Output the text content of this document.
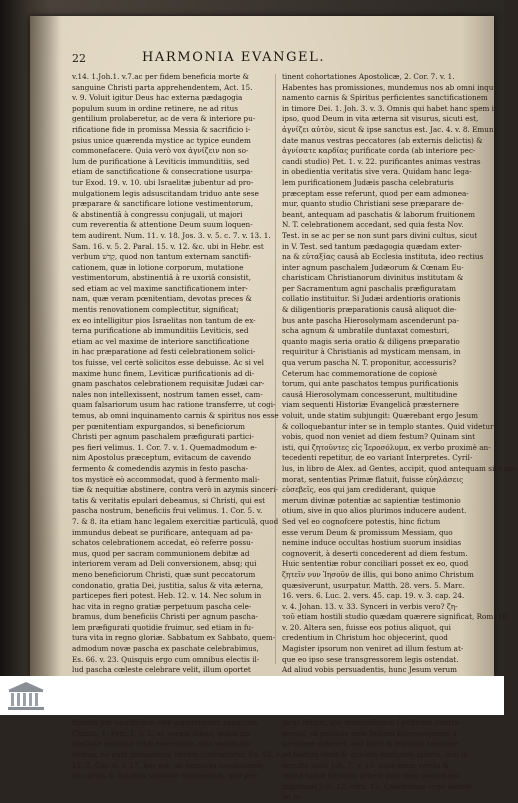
22	HARMONIA EVANGEL.
v.14. 1.Joh.1. v.7.ac per fidem beneficia morte &
sanguine Christi parta apprehendentem, Act. 15.
v. 9. Voluit igitur Deus hac externa pædagogia
populum suum in ordine retinere, ne ad ritus
gentilium prolaberetur, ac de vera & interiore pu-
rificatione fide in promissa Messia & sacrificio i-
psius unice quærenda mystice ac typice eundem
commonefacere. Quia verò vox ἁγνίζειν non so-
lum de purificatione à Leviticis immunditiis, sed
etiam de sanctificatione & consecratione usurpa-
tur Exod. 19. v. 10. ubi Israelitæ jubentur ad pro-
mulgationem legis adsuscitandam triduo ante sese
præparare & sanctificare lotione vestimentorum,
& abstinentiâ à congressu conjugali, ut majori
cum reverentia & attentione Deum suum loquen-
tem audirent. Num. 11. v. 18. Jos. 3. v. 5. c. 7. v. 13. 1.
Sam. 16. v. 5. 2. Paral. 15. v. 12. &c. ubi in Hebr. est
verbum קָדַשׁ, quod non tantum externam sanctifi-
cationem, quæ in lotione corporum, mutatione
vestimentorum, abstinentiâ à re uxoriâ consistit,
sed etiam ac vel maxime sanctificationem inter-
nam, quæ veram pœnitentiam, devotas preces &
mentis renovationem complectitur, significat;
ex eo intelligitur pios Israelitas non tantum de ex-
terna purificatione ab immunditiis Leviticis, sed
etiam ac vel maxime de interiore sanctificatione
in hac præparatione ad festi celebrationem solici-
tos fuisse, vel certè solicitos esse debuisse. Ac si vel
maxime hunc finem, Leviticæ purificationis ad di-
gnam paschatos celebrationem requisitæ Judæi car-
nales non intellexissent, nostrum tamen esset, cam-
quam falsariorum usum hac ratione transferre, ut cogi-
temus, ab omni inquinamento carnis & spiritus nos esse
per pœnitentiam expurgandos, si beneficiorum
Christi per agnum paschalem præfigurati partici-
pes fieri velimus. 1. Cor. 7. v. 1. Quemadmodum e-
nim Apostolus præceptum, evitacum de cavendo
fermento & comedendis azymis in festo pascha-
tos mysticè eò accommodat, quod à fermento mali-
tiæ & nequitiæ abstinere, contra verò in azymis sinceri-
tatis & veritatis epulari debeamus, si Christi, qui est
pascha nostrum, beneficiis frui velimus. 1. Cor. 5. v.
7. & 8. ita etiam hanc legalem exercitiæ particulâ, quod
immundus debeat se purificare, antequam ad pa-
schatos celebrationem accedat, eò referre possu-
mus, quod per sacram communionem debitæ ad
interiorem veram ad Deli conversionem, absq; qui
meno beneficiorum Christi, quæ sunt peccatorum
condonatio, gratia Dei, justitia, salus & vita æterna,
particepes fieri potest. Heb. 12. v. 14. Nec solum in
hac vita in regno gratiæ perpetuum pascha cele-
bramus, dum beneficiis Christi per agnum pascha-
lem præfigurati quotidie fruimur, sed etiam in fu-
tura vita in regno gloriæ. Sabbatum ex Sabbato, quem-
admodum novæ pascha ex paschate celebrabimus,
Es. 66. v. 23. Quisquis ergo cum omnibus electis il-
lud pascha cœleste celebrare velit, illum oportet
tionem per sacrificium sive aspersionem sanguinis
Christi, 1. Petr. 1. v. 2. ac veram fidem, quam im-
mediate sequitur vitæ emendatio, qua sedulo ca-
vemus, ne quid immundum iterum contrahatur, Es. 52. v.
11. 2. Cor. 6. v. 17. hoc est, ab omnibus inquinamen-
tis carnis & Spiritus studiosè abstinemus, quo per-
tinent cohortationes Apostolicæ, 2. Cor. 7. v. 1.
Habentes has promissiones, mundemus nos ab omni inqui-
namento carnis & Spiritus perficientes sanctificationem
in timore Dei. 1. Joh. 3. v. 3. Omnis qui habet hanc spem in
ipso, quod Deum in vita æterna sit visurus, sicuti est,
ἁγνίζει αὐτὸν, sicut & ipse sanctus est. Jac. 4. v. 8. Emun-
date manus vestras peccatores (ab externis delictis) &
ἁγνίσατε καρδίας purificate corda (ab interiore pec-
candi studio) Pet. 1. v. 22. purificantes animas vestras
in obedientia veritatis sive vera. Quidam hanc lega-
lem purificationem Judæis pascha celebraturis
præceptam esse referunt, quod per eam admonea-
mur, quanto studio Christiani sese præparare de-
beant, antequam ad paschatis & laborum fruitionem
N. T. celebrationem accedant, sed quia festa Nov.
Test. in se ac per se non sunt pars divini cultus, sicut
in V. Test. sed tantum pædagogia quædam exter-
na & εὐταξίας causâ ab Ecclesia instituta, ideo rectius
inter agnum paschalem Judæorum & Cœnam Eu-
charisticam Christianorum divinitus institutam &
per Sacramentum agni paschalis præfiguratam
collatio instituitur. Si Judæi ardentioris orationis
& diligentioris præparationis causâ aliquot die-
bus ante pascha Hierosolymam ascenderunt pa-
scha agnum & umbratile duntaxat comesturi,
quanto magis seria oratio & diligens præparatio
requiritur à Christianis ad mysticam mensam, in
qua verum pascha N. T. proponitur, accessuris?
Ceterum hac commemoratione de copiosè
torum, qui ante paschatos tempus purificationis
causâ Hierosolymam concesserunt, multitudine
viam sequenti Historiæ Evangelicâ præsternere
voluit, unde statim subjungit: Quærebant ergo Jesum
& colloquebantur inter se in templo stantes. Quid videtur
vobis, quod non veniet ad diem festum? Quinam sint
isti, qui ζητοῦντες εἰς Ἱεροσόλυμα, ex verbo proximè an-
tecedenti repetitur, de eo variant Interpretes. Cyril-
lus, in libro de Alex. ad Gentes, accipit, quod antequam sint me-
morat, sententias Primæ flatuit, fuisse εὐηλάσεις
εὐσεβεῖς, eos qui jam crediderant, quique
merum divinæ potentiæ ac sapientiæ testimonio
otium, sive in quo alios plurimos inducere audent.
Sed vel eo cognofcere potestis, hinc fictum
esse verum Deum & promissum Messiam, quo
nemine induce occultas hostium suorum insidias
cognoverit, à deserti concederent ad diem festum.
Huic sententiæ robur conciliari posset ex eo, quod
ζητεῖν νυν Ἰησοῦν de illis, qui bono animo Christum
quæsiverunt, usurpatur. Matth. 28. vers. 5. Marc.
16. vers. 6. Luc. 2. vers. 45. cap. 19. v. 3. cap. 24.
v. 4. Johan. 13. v. 33. Synceri in verbis vero? ζη-
τοῦ etiam hostili studio quædam quærere significat, Rom. 10.
v. 20. Altera sen, fuisse eos potius aliquot, qui
credentium in Christum hoc objecerint, quod
Magister ipsorum non veniret ad illum festum at-
que eo ipso sese transgressorem legis ostendat.
Ad aliud vobis persuadentis, hunc Jesum verum
sicut reliqui, qui immundiciem Leviticam contra-
xerant, ut proinde ante festum Hierosolymam a-
scendere deberet, sed justo & legitimo tempore
ad festum venit & quidem Rumpens aperte, non in
occulto sicut Joh. 7. v. 10. alias enim vectiu &
multa turbâ stipatus urbem post dies paucos est
ingressus Joh. 12. vers. 12. Cavebamus ergo sedulo,
ne te-
